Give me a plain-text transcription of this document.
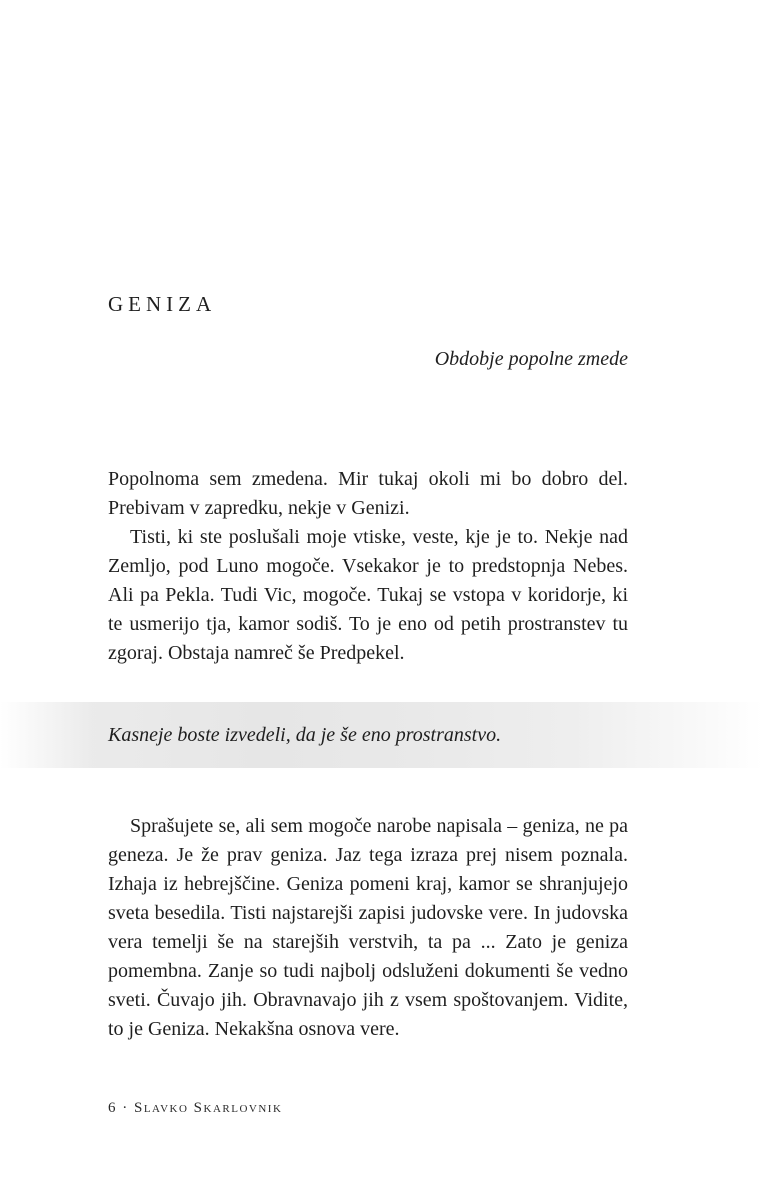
GENIZA

Obdobje popolne zmede

Popolnoma sem zmedena. Mir tukaj okoli mi bo dobro del. Prebivam v zapredku, nekje v Genizi.

Tisti, ki ste poslušali moje vtiske, veste, kje je to. Nekje nad Zemljo, pod Luno mogoče. Vsekakor je to predstopnja Nebes. Ali pa Pekla. Tudi Vic, mogoče. Tukaj se vstopa v koridorje, ki te usmerijo tja, kamor sodiš. To je eno od petih prostranstev tu zgoraj. Obstaja namreč še Predpekel.

Kasneje boste izvedeli, da je še eno prostranstvo.

Sprašujete se, ali sem mogoče narobe napisala – geniza, ne pa geneza. Je že prav geniza. Jaz tega izraza prej nisem poznala. Izhaja iz hebrejščine. Geniza pomeni kraj, kamor se shranjujejo sveta besedila. Tisti najstarejši zapisi judovske vere. In judovska vera temelji še na starejših verstvih, ta pa ... Zato je geniza pomembna. Zanje so tudi najbolj odsluženi dokumenti še vedno sveti. Čuvajo jih. Obravnavajo jih z vsem spoštovanjem. Vidite, to je Geniza. Nekakšna osnova vere.

6 · Slavko Skarlovnik
